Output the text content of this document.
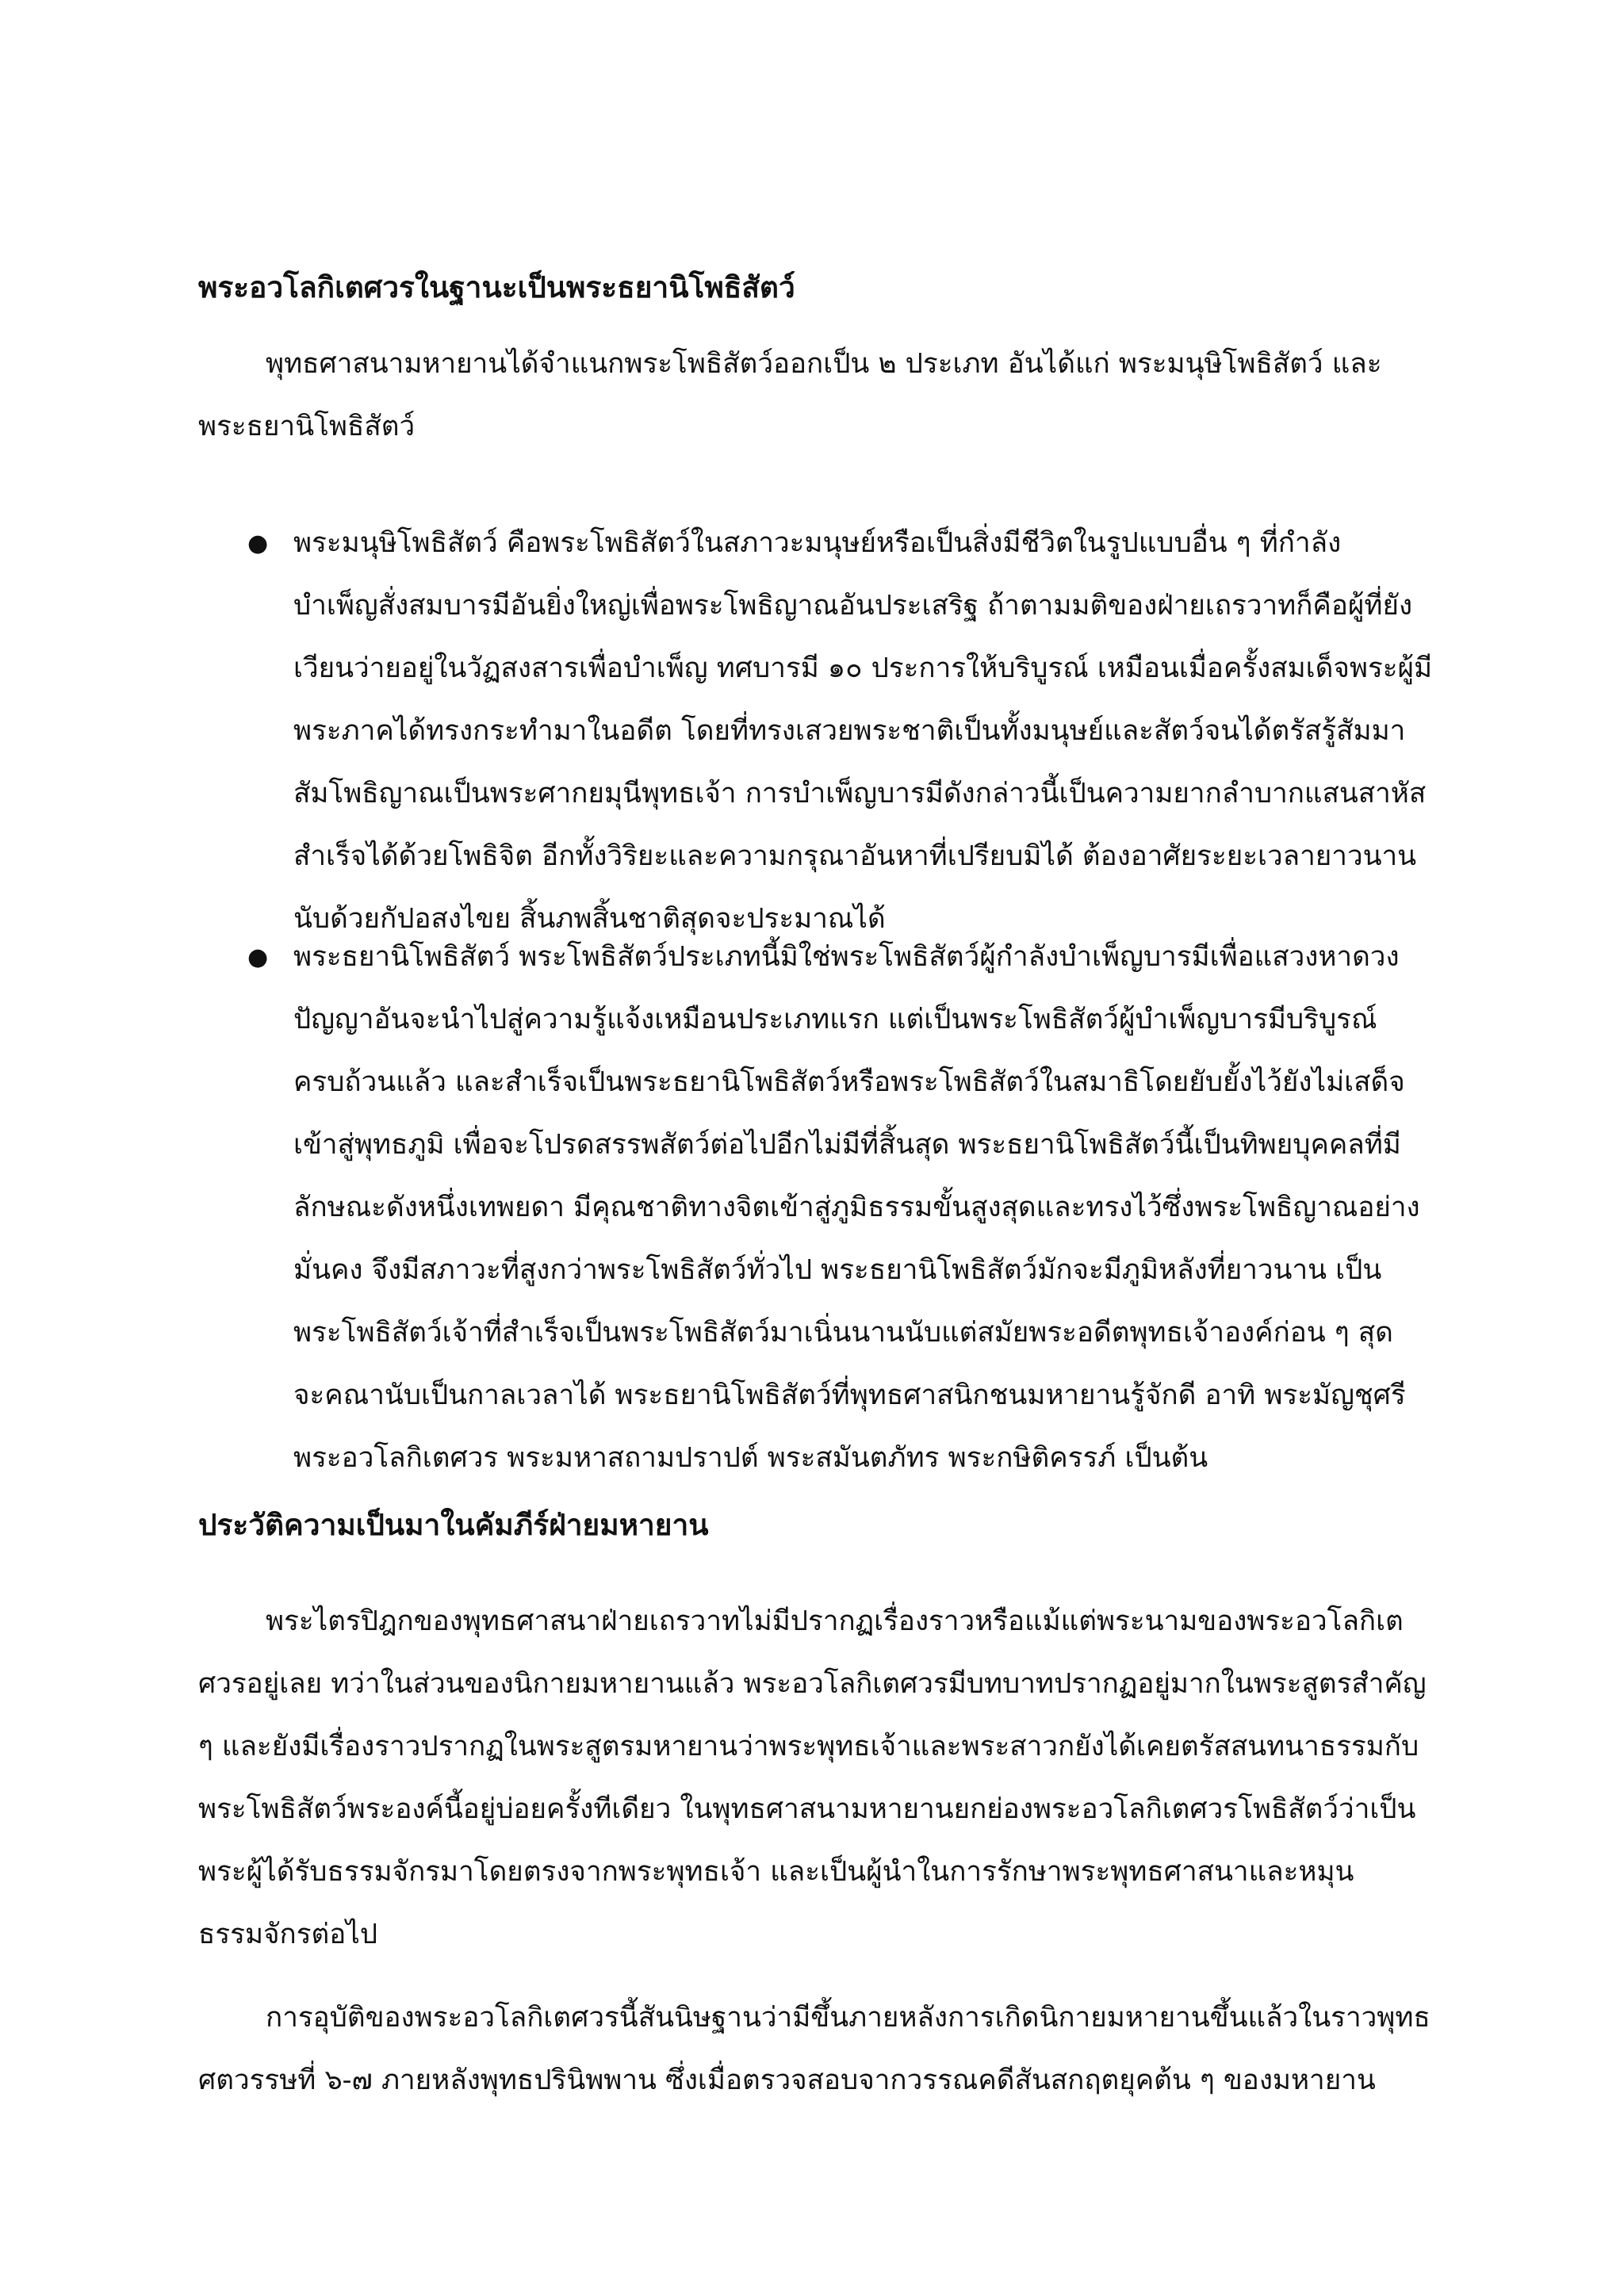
พระอวโลกิเตศวรในฐานะเป็นพระธยานิโพธิสัตว์
พุทธศาสนามหายานได้จำแนกพระโพธิสัตว์ออกเป็น ๒ ประเภท อันได้แก่ พระมนุษิโพธิสัตว์ และ
พระธยานิโพธิสัตว์
● พระมนุษิโพธิสัตว์ คือพระโพธิสัตว์ในสภาวะมนุษย์หรือเป็นสิ่งมีชีวิตในรูปแบบอื่น ๆ ที่กำลัง
บำเพ็ญสั่งสมบารมีอันยิ่งใหญ่เพื่อพระโพธิญาณอันประเสริฐ ถ้าตามมติของฝ่ายเถรวาทก็คือผู้ที่ยัง
เวียนว่ายอยู่ในวัฏสงสารเพื่อบำเพ็ญ ทศบารมี ๑๐ ประการให้บริบูรณ์ เหมือนเมื่อครั้งสมเด็จพระผู้มี
พระภาคได้ทรงกระทำมาในอดีต โดยที่ทรงเสวยพระชาติเป็นทั้งมนุษย์และสัตว์จนได้ตรัสรู้สัมมา
สัมโพธิญาณเป็นพระศากยมุนีพุทธเจ้า การบำเพ็ญบารมีดังกล่าวนี้เป็นความยากลำบากแสนสาหัส
สำเร็จได้ด้วยโพธิจิต อีกทั้งวิริยะและความกรุณาอันหาที่เปรียบมิได้ ต้องอาศัยระยะเวลายาวนาน
นับด้วยกัปอสงไขย สิ้นภพสิ้นชาติสุดจะประมาณได้
● พระธยานิโพธิสัตว์ พระโพธิสัตว์ประเภทนี้มิใช่พระโพธิสัตว์ผู้กำลังบำเพ็ญบารมีเพื่อแสวงหาดวง
ปัญญาอันจะนำไปสู่ความรู้แจ้งเหมือนประเภทแรก แต่เป็นพระโพธิสัตว์ผู้บำเพ็ญบารมีบริบูรณ์
ครบถ้วนแล้ว และสำเร็จเป็นพระธยานิโพธิสัตว์หรือพระโพธิสัตว์ในสมาธิโดยยับยั้งไว้ยังไม่เสด็จ
เข้าสู่พุทธภูมิ เพื่อจะโปรดสรรพสัตว์ต่อไปอีกไม่มีที่สิ้นสุด พระธยานิโพธิสัตว์นี้เป็นทิพยบุคคลที่มี
ลักษณะดังหนึ่งเทพยดา มีคุณชาติทางจิตเข้าสู่ภูมิธรรมขั้นสูงสุดและทรงไว้ซึ่งพระโพธิญาณอย่าง
มั่นคง จึงมีสภาวะที่สูงกว่าพระโพธิสัตว์ทั่วไป พระธยานิโพธิสัตว์มักจะมีภูมิหลังที่ยาวนาน เป็น
พระโพธิสัตว์เจ้าที่สำเร็จเป็นพระโพธิสัตว์มาเนิ่นนานนับแต่สมัยพระอดีตพุทธเจ้าองค์ก่อน ๆ สุด
จะคณานับเป็นกาลเวลาได้ พระธยานิโพธิสัตว์ที่พุทธศาสนิกชนมหายานรู้จักดี อาทิ พระมัญชุศรี
พระอวโลกิเตศวร พระมหาสถามปราปต์ พระสมันตภัทร พระกษิติครรภ์ เป็นต้น
ประวัติความเป็นมาในคัมภีร์ฝ่ายมหายาน
พระไตรปิฎกของพุทธศาสนาฝ่ายเถรวาทไม่มีปรากฏเรื่องราวหรือแม้แต่พระนามของพระอวโลกิเต
ศวรอยู่เลย ทว่าในส่วนของนิกายมหายานแล้ว พระอวโลกิเตศวรมีบทบาทปรากฏอยู่มากในพระสูตรสำคัญ
ๆ และยังมีเรื่องราวปรากฏในพระสูตรมหายานว่าพระพุทธเจ้าและพระสาวกยังได้เคยตรัสสนทนาธรรมกับ
พระโพธิสัตว์พระองค์นี้อยู่บ่อยครั้งทีเดียว ในพุทธศาสนามหายานยกย่องพระอวโลกิเตศวรโพธิสัตว์ว่าเป็น
พระผู้ได้รับธรรมจักรมาโดยตรงจากพระพุทธเจ้า และเป็นผู้นำในการรักษาพระพุทธศาสนาและหมุน
ธรรมจักรต่อไป
การอุบัติของพระอวโลกิเตศวรนี้สันนิษฐานว่ามีขึ้นภายหลังการเกิดนิกายมหายานขึ้นแล้วในราวพุทธ
ศตวรรษที่ ๖-๗ ภายหลังพุทธปรินิพพาน ซึ่งเมื่อตรวจสอบจากวรรณคดีสันสกฤตยุคต้น ๆ ของมหายาน
